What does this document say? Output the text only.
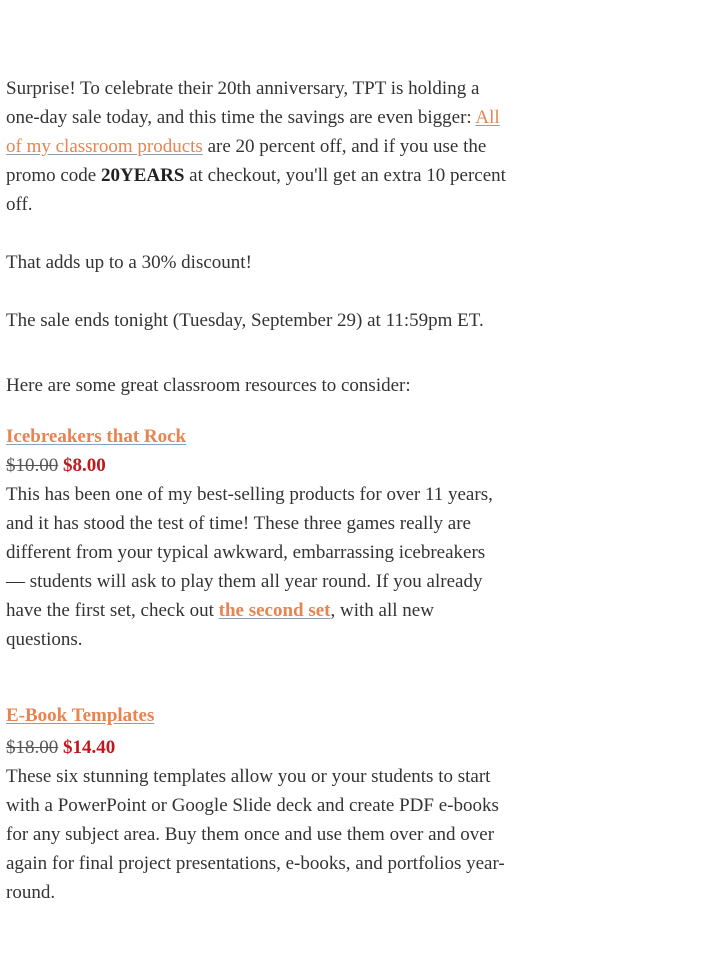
Surprise! To celebrate their 20th anniversary, TPT is holding a one-day sale today, and this time the savings are even bigger: All of my classroom products are 20 percent off, and if you use the promo code 20YEARS at checkout, you'll get an extra 10 percent off.

That adds up to a 30% discount!

The sale ends tonight (Tuesday, September 29) at 11:59pm ET.

Here are some great classroom resources to consider:

Icebreakers that Rock

$10.00 $8.00

This has been one of my best-selling products for over 11 years, and it has stood the test of time! These three games really are different from your typical awkward, embarrassing icebreakers — students will ask to play them all year round. If you already have the first set, check out the second set, with all new questions.

E-Book Templates

$18.00 $14.40

These six stunning templates allow you or your students to start with a PowerPoint or Google Slide deck and create PDF e-books for any subject area. Buy them once and use them over and over again for final project presentations, e-books, and portfolios year-round.
